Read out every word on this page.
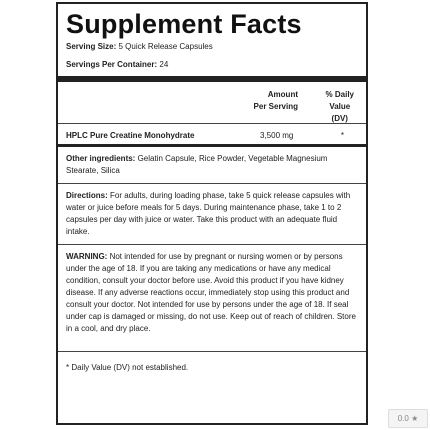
Supplement Facts
Serving Size: 5 Quick Release Capsules
Servings Per Container: 24
Amount
Per Serving
% Daily
Value
(DV)
HPLC Pure Creatine Monohydrate	3,500 mg	*
Other ingredients: Gelatin Capsule, Rice Powder, Vegetable Magnesium Stearate, Silica
Directions: For adults, during loading phase, take 5 quick release capsules with water or juice before meals for 5 days. During maintenance phase, take 1 to 2 capsules per day with juice or water. Take this product with an adequate fluid intake.
WARNING: Not intended for use by pregnant or nursing women or by persons under the age of 18. If you are taking any medications or have any medical condition, consult your doctor before use. Avoid this product if you have kidney disease. If any adverse reactions occur, immediately stop using this product and consult your doctor. Not intended for use by persons under the age of 18. If seal under cap is damaged or missing, do not use. Keep out of reach of children. Store in a cool, and dry place.
* Daily Value (DV) not established.
0.0 ★
